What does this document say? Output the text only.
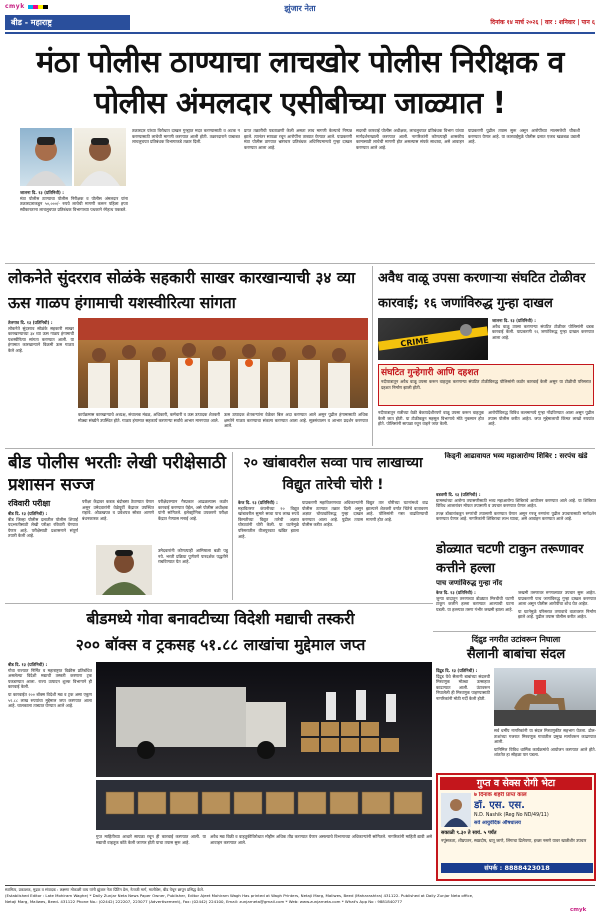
cmyk
बीड - महाराष्ट्र
झुंजार नेता
दिनांक १४ मार्च २०२६ | वार : शनिवार | पान ६
मंठा पोलीस ठाण्याचा लाचखोर पोलीस निरीक्षक व पोलीस अंमलदार एसीबीच्या जाळ्यात !
जालना दि. १३ (प्रतिनिधी) :

मंठा पोलीस ठाण्याचा पोलीस निरीक्षक व पोलीस अंमलदार यांना तक्रारदाराकडून ५०,०००/- रुपये लाचेची मागणी करून पहिला हप्ता स्वीकारताना लाचलुचपत प्रतिबंधक विभागाच्या पथकाने रंगेहाथ पकडले.

तक्रारदार यांच्या विरोधात दाखल गुन्ह्यात मदत करण्यासाठी व अटक न करण्यासाठी लाचेची मागणी करण्यात आली होती. तक्रारदाराने याबाबत लाचलुचपत प्रतिबंधक विभागाकडे तक्रार दिली.

प्राप्त तक्रारीची पडताळणी केली असता लाच मागणी केल्याचे निष्पन्न झाले. त्यानंतर सापळा रचून आरोपींना ताब्यात घेण्यात आले. याप्रकरणी मंठा पोलीस ठाण्यात भ्रष्टाचार प्रतिबंधक अधिनियमान्वये गुन्हा दाखल करण्यात आला आहे.

सदरची कारवाई पोलीस अधीक्षक, लाचलुचपत प्रतिबंधक विभाग यांच्या मार्गदर्शनाखाली करण्यात आली. नागरिकांनी कोणत्याही शासकीय कामासाठी लाचेची मागणी होत असल्यास संपर्क साधावा, असे आवाहन करण्यात आले आहे.

याप्रकरणी पुढील तपास सुरू असून आरोपींच्या मालमत्तेची चौकशी करण्यात येणार आहे. या कारवाईमुळे पोलीस दलात एकच खळबळ उडाली आहे.

लोकनेते सुंदरराव सोळंके सहकारी साखर कारखान्याची ३४ व्या ऊस गाळप हंगामाची यशस्वीरित्या सांगता
तेलगाव दि. १३ (प्रतिनिधी) :

लोकनेते सुंदरराव सोळंके सहकारी साखर कारखान्याच्या ३४ व्या ऊस गाळप हंगामाची यशस्वीरित्या सांगता करण्यात आली. या हंगामात कारखान्याने विक्रमी ऊस गाळप केले आहे.

कार्यक्रमास कारखान्याचे अध्यक्ष, संचालक मंडळ, अधिकारी, कर्मचारी व ऊस उत्पादक शेतकरी मोठ्या संख्येने उपस्थित होते. गाळप हंगामात सहकार्य करणाऱ्या सर्वांचे आभार मानण्यात आले.

ऊस उत्पादक शेतकऱ्यांना वेळेवर बिल अदा करण्यात आले असून पुढील हंगामासाठी अधिक क्षमतेने गाळप करण्याचा संकल्प करण्यात आला आहे. सूत्रसंचालन व आभार प्रदर्शन करण्यात आले.

अवैध वाळू उपसा करणाऱ्या संघटित टोळीवर कारवाई; १६ जणांविरुद्ध गुन्हा दाखल
CRIME
जालना दि. १३ (प्रतिनिधी) :

अवैध वाळू उपसा करणाऱ्या संघटित टोळीवर पोलिसांनी धडक कारवाई केली. याप्रकरणी १६ जणांविरुद्ध गुन्हा दाखल करण्यात आला आहे.

संघटित गुन्हेगारी आणि दहशत
नदीपात्रातून अवैध वाळू उपसा करून वाहतूक करणाऱ्या संघटित टोळीविरुद्ध पोलिसांनी कठोर कारवाई केली असून या टोळीची परिसरात दहशत निर्माण झाली होती.

नदीपात्रातून रात्रीच्या वेळी बेकायदेशीरपणे वाळू उपसा करून वाहतूक केली जात होती. या टोळीकडून महसूल विभागाचे मोठे नुकसान होत होते. पोलिसांनी सापळा रचून वाहने जप्त केली.

आरोपींविरुद्ध विविध कलमान्वये गुन्हा नोंदविण्यात आला असून पुढील तपास पोलीस करीत आहेत. जप्त मुद्देमालाची किंमत लाखो रुपयांत आहे.

बीड पोलीस भरतीः लेखी परीक्षेसाठी प्रशासन सज्ज
रविवारी परीक्षा
बीड दि. १३ (प्रतिनिधी) :

बीड जिल्हा पोलीस दलातील पोलीस शिपाई पदभरतीसाठी लेखी परीक्षा रविवारी घेण्यात येणार आहे. परीक्षेसाठी प्रशासनाने संपूर्ण तयारी केली आहे.

परीक्षा केंद्रावर कडक बंदोबस्त ठेवण्यात येणार असून उमेदवारांनी वेळेपूर्वी केंद्रावर उपस्थित राहावे. ओळखपत्र व प्रवेशपत्र सोबत आणणे बंधनकारक आहे.

परीक्षेदरम्यान गैरप्रकार आढळल्यास कठोर कारवाई करण्यात येईल, असे पोलीस अधीक्षक यांनी सांगितले. इलेक्ट्रॉनिक उपकरणे परीक्षा केंद्रात नेण्यास मनाई आहे.

उमेदवारांनी कोणत्याही आमिषाला बळी पडू नये. भरती प्रक्रिया पूर्णपणे पारदर्शक पद्धतीने राबविण्यात येत आहे.

२० खांबावरील सव्वा पाच लाखाच्या विद्युत तारेची चोरी !
केज दि. १३ (प्रतिनिधी) :

महावितरण कंपनीच्या २० विद्युत खांबावरील सुमारे सव्वा पाच लाख रुपये किमतीच्या विद्युत तारेची अज्ञात चोरट्यांनी चोरी केली. या घटनेमुळे परिसरातील वीजपुरवठा खंडित झाला आहे.

याप्रकरणी महावितरणच्या अधिकाऱ्यांनी पोलीस ठाण्यात तक्रार दिली असून अज्ञात चोरट्यांविरुद्ध गुन्हा दाखल करण्यात आला आहे. पुढील तपास पोलीस करीत आहेत.

विद्युत तार चोरीच्या घटनांमध्ये वाढ झाल्याने शेतकरी वर्गात चिंतेचे वातावरण आहे. पोलिसांनी गस्त वाढविण्याची मागणी होत आहे.

किड्नी आढावायत भव्य महाआरोग्य शिबिर : सरपंच खंडे
वडवणी दि. १३ (प्रतिनिधी) :

ग्रामस्थांच्या आरोग्य तपासणीसाठी भव्य महाआरोग्य शिबिराचे आयोजन करण्यात आले आहे. या शिबिरात विविध आजारांवर मोफत तपासणी व उपचार करण्यात येणार आहेत.

तज्ज्ञ डॉक्टरांकडून रुग्णांची तपासणी करण्यात येणार असून गरजू रुग्णांना पुढील उपचारासाठी मार्गदर्शन करण्यात येणार आहे. नागरिकांनी शिबिराचा लाभ घ्यावा, असे आवाहन करण्यात आले आहे.

डोळ्यात चटणी टाकुन तरूणावर कत्तीने हल्ला
पाच जणांविरुद्ध गुन्हा नोंद
केज दि. १३ (प्रतिनिधी) :

जुन्या वादातून तरुणाच्या डोळ्यात मिरचीची चटणी टाकून कत्तीने हल्ला करण्यात आल्याची घटना घडली. या हल्ल्यात तरुण गंभीर जखमी झाला आहे.

जखमी तरुणावर रुग्णालयात उपचार सुरू आहेत. याप्रकरणी पाच जणांविरुद्ध गुन्हा दाखल करण्यात आला असून पोलीस आरोपींचा शोध घेत आहेत.

या घटनेमुळे परिसरात तणावाचे वातावरण निर्माण झाले आहे. पुढील तपास पोलीस करीत आहेत.

बीडमध्ये गोवा बनावटीच्या विदेशी मद्याची तस्करी
२०० बॉक्स व ट्रकसह ५१.८८ लाखांचा मुद्देमाल जप्त
बीड दि. १३ (प्रतिनिधी) :

गोवा राज्यात निर्मित व महाराष्ट्रात विक्रीस प्रतिबंधित असलेल्या विदेशी मद्याची तस्करी करणारा ट्रक पकडण्यात आला. राज्य उत्पादन शुल्क विभागाने ही कारवाई केली.

या कारवाईत २०० बॉक्स विदेशी मद्य व ट्रक असा एकूण ५१.८८ लाख रुपयांचा मुद्देमाल जप्त करण्यात आला आहे. चालकाला ताब्यात घेण्यात आले आहे.

गुप्त माहितीच्या आधारे सापळा रचून ही कारवाई करण्यात आली. या मद्याची वाहतूक कोठे केली जाणार होती याचा तपास सुरू आहे.

अवैध मद्य विक्री व वाहतुकीविरोधात मोहीम अधिक तीव्र करण्यात येणार असल्याचे विभागाच्या अधिकाऱ्यांनी सांगितले. नागरिकांनी माहिती द्यावी असे आवाहन करण्यात आले.

दिंद्रुड नगरीत उटांवरून निघाला
सैलानी बाबांचा संदल
दिंद्रुड दि. १३ (प्रतिनिधी) :

दिंद्रुड येथे सैलानी बाबांच्या संदलची मिरवणूक मोठ्या उत्साहात काढण्यात आली. उंटावरून निघालेली ही मिरवणूक पाहण्यासाठी नागरिकांनी मोठी गर्दी केली होती.

सर्व धर्मीय नागरिकांनी या संदल मिरवणुकीत सहभाग घेतला. ढोल-ताशांच्या गजरात मिरवणूक गावातील प्रमुख मार्गावरून काढण्यात आली.

यानिमित्त विविध धार्मिक कार्यक्रमांचे आयोजन करण्यात आले होते. शांततेत हा सोहळा पार पडला.

गुप्त व सेक्स रोगी भेटा
७ दिनांक शहरी प्राप्त काल
डॉ. एस. एस.
N.D. Nashik (Reg No ND/49/11)
सर्व आयुर्वेदिक औषधालय
सकाळी ९.३० ते सायं. ५ पर्यंत
नपुंसकता, शीघ्रपतन, स्वप्नदोष, धातू जाणे, लिंगाचा ढिलेपणा, इच्छा नसणे यावर खात्रीशीर उपचार
संपर्क : 8888423018
स्वामित्व, प्रकाशक, मुद्रक व संपादक : लक्ष्मण मोकाशी वाघ यांनी झुंजार नेता प्रिंटिंग प्रेस, नेताजी मार्ग, मालीवेस, बीड येथून छापून प्रसिद्ध केले.
(Established Editor : Late Mohiram Waghe) * Daily Zunjar Neta News Paper Owner, Publisher, Editor Ajeet Mohiram Wagh Has printed at Wagh Printers, Netaji Marg, Maliwes, Beed (Maharashtra) 431122. Published at Daily Zunjar Neta office,
Netaji Marg, Maliwes, Beed- 431122 Phone No.: (02442) 222207, 223077 (Advertisement), Fax: (02442) 224100, Email: zunjarneta@gmail.com * Web: www.zunjarneta.com * What's App No : 9881840777
cmyk
